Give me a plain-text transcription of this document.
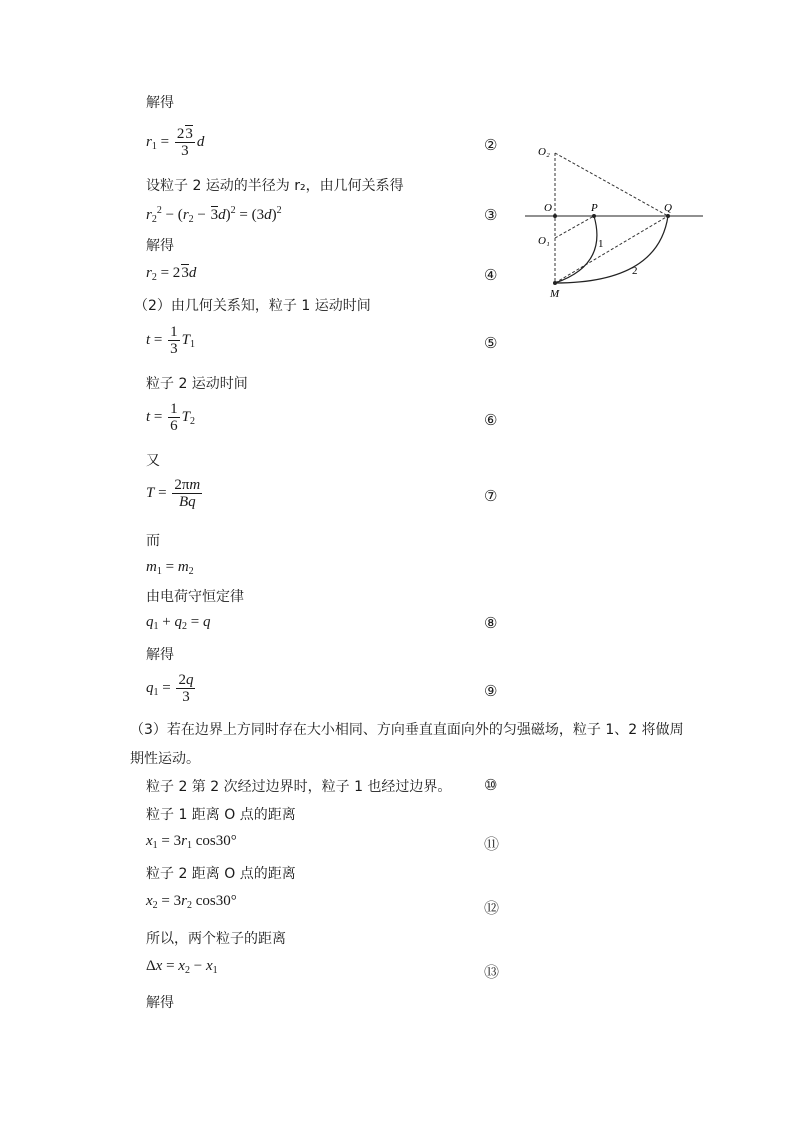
解得
$r_1 = \frac{23}{3}$ d	②
设粒子 2 运动的半径为 r₂，由几何关系得
$r_2^2 - (r_2 - 3d)^2 = (3d)^2$	③
解得
$r_2 = 23d$	④
（2）由几何关系知，粒子 1 运动时间
$t = \frac{1}{3} T_1$	⑤
粒子 2 运动时间
$t = \frac{1}{6} T_2$	⑥
又
$T = \frac{2\pi m}{Bq}$	⑦
而
$m_1 = m_2$
由电荷守恒定律
$q_1 + q_2 = q$	⑧
解得
$q_1 = \frac{2q}{3}$	⑨
（3）若在边界上方同时存在大小相同、方向垂直直面向外的匀强磁场，粒子 1、2 将做周期性运动。
粒子 2 第 2 次经过边界时，粒子 1 也经过边界。 ⑩
粒子 1 距离 O 点的距离
$x_1 = 3r_1$ cos30°	⑪
粒子 2 距离 O 点的距离
$x_2 = 3r_2$ cos30°	⑫
所以，两个粒子的距离
$\Delta x = x_2 - x_1$	⑬
解得
O₂
O	P	Q
O₁
M
1
2
